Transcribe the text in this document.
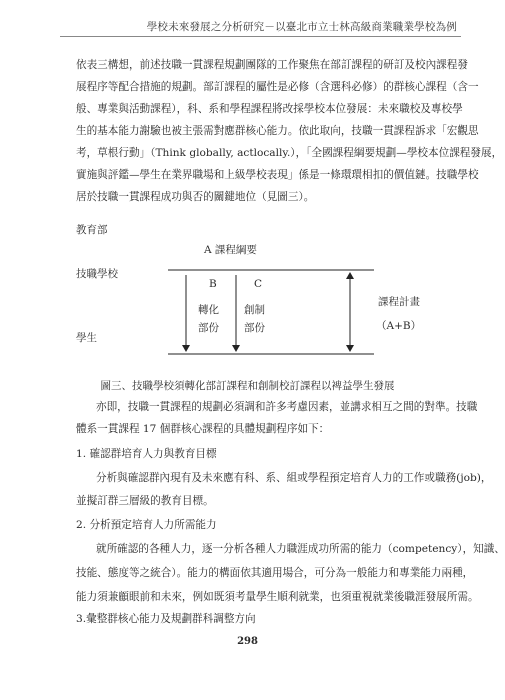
學校未來發展之分析研究－以臺北市立士林高級商業職業學校為例
依表三構想，前述技職一貫課程規劃團隊的工作聚焦在部訂課程的研訂及校內課程發
展程序等配合措施的規劃。部訂課程的屬性是必修（含選科必修）的群核心課程（含一
般、專業與活動課程），科、系和學程課程將改採學校本位發展：未來職校及專校學
生的基本能力謝驗也被主張需對應群核心能力。依此取向，技職一貫課程訴求「宏觀思
考，草根行動」（Think globally, actlocally.），「全國課程綱要規劃—學校本位課程發展，
實施與評鑑—學生在業界職場和上級學校表現」係是一條環環相扣的價值鏈。技職學校
居於技職一貫課程成功與否的關鍵地位（見圖三）。
教育部
A 課程綱要
技職學校
B	C
轉化
部份
創制
部份
課程計畫
（A+B）
學生
圖三、技職學校須轉化部訂課程和創制校訂課程以裨益學生發展
亦即，技職一貫課程的規劃必須調和許多考慮因素，並講求相互之間的對準。技職
體系一貫課程 17 個群核心課程的具體規劃程序如下：
1. 確認群培育人力與教育目標
分析與確認群內現有及未來應有科、系、組或學程預定培育人力的工作或職務(job)，
並擬訂群三層級的教育目標。
2. 分析預定培育人力所需能力
就所確認的各種人力，逐一分析各種人力職涯成功所需的能力（competency），知識、
技能、態度等之統合）。能力的構面依其適用場合，可分為一般能力和專業能力兩種，
能力須兼顧眼前和未來，例如既須考量學生順利就業，也須重視就業後職涯發展所需。
3.彙整群核心能力及規劃群科調整方向
298
